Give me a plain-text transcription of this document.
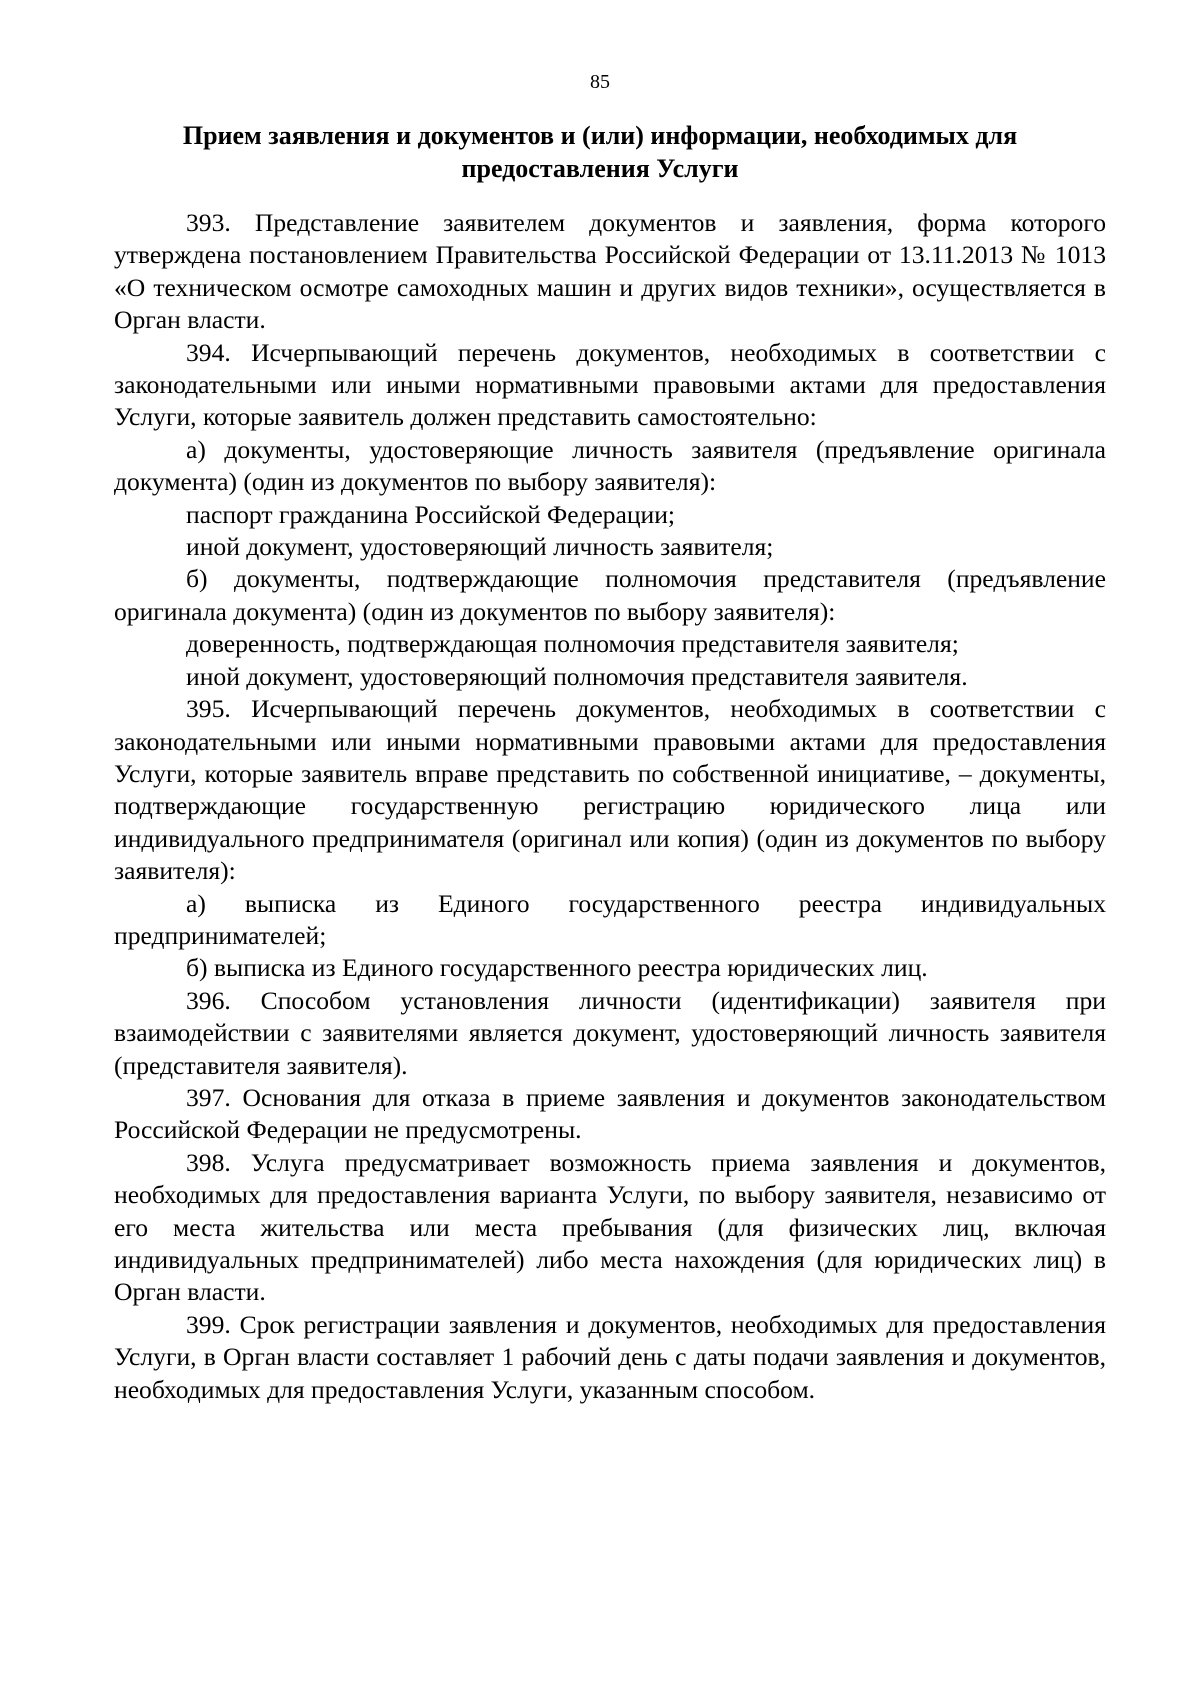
85
Прием заявления и документов и (или) информации, необходимых для предоставления Услуги

393. Представление заявителем документов и заявления, форма которого утверждена постановлением Правительства Российской Федерации от 13.11.2013 № 1013 «О техническом осмотре самоходных машин и других видов техники», осуществляется в Орган власти.

394. Исчерпывающий перечень документов, необходимых в соответствии с законодательными или иными нормативными правовыми актами для предоставления Услуги, которые заявитель должен представить самостоятельно:

а) документы, удостоверяющие личность заявителя (предъявление оригинала документа) (один из документов по выбору заявителя):

паспорт гражданина Российской Федерации;

иной документ, удостоверяющий личность заявителя;

б) документы, подтверждающие полномочия представителя (предъявление оригинала документа) (один из документов по выбору заявителя):

доверенность, подтверждающая полномочия представителя заявителя;

иной документ, удостоверяющий полномочия представителя заявителя.

395. Исчерпывающий перечень документов, необходимых в соответствии с законодательными или иными нормативными правовыми актами для предоставления Услуги, которые заявитель вправе представить по собственной инициативе, – документы, подтверждающие государственную регистрацию юридического лица или индивидуального предпринимателя (оригинал или копия) (один из документов по выбору заявителя):

а) выписка из Единого государственного реестра индивидуальных предпринимателей;

б) выписка из Единого государственного реестра юридических лиц.

396. Способом установления личности (идентификации) заявителя при взаимодействии с заявителями является документ, удостоверяющий личность заявителя (представителя заявителя).

397. Основания для отказа в приеме заявления и документов законодательством Российской Федерации не предусмотрены.

398. Услуга предусматривает возможность приема заявления и документов, необходимых для предоставления варианта Услуги, по выбору заявителя, независимо от его места жительства или места пребывания (для физических лиц, включая индивидуальных предпринимателей) либо места нахождения (для юридических лиц) в Орган власти.

399. Срок регистрации заявления и документов, необходимых для предоставления Услуги, в Орган власти составляет 1 рабочий день с даты подачи заявления и документов, необходимых для предоставления Услуги, указанным способом.
